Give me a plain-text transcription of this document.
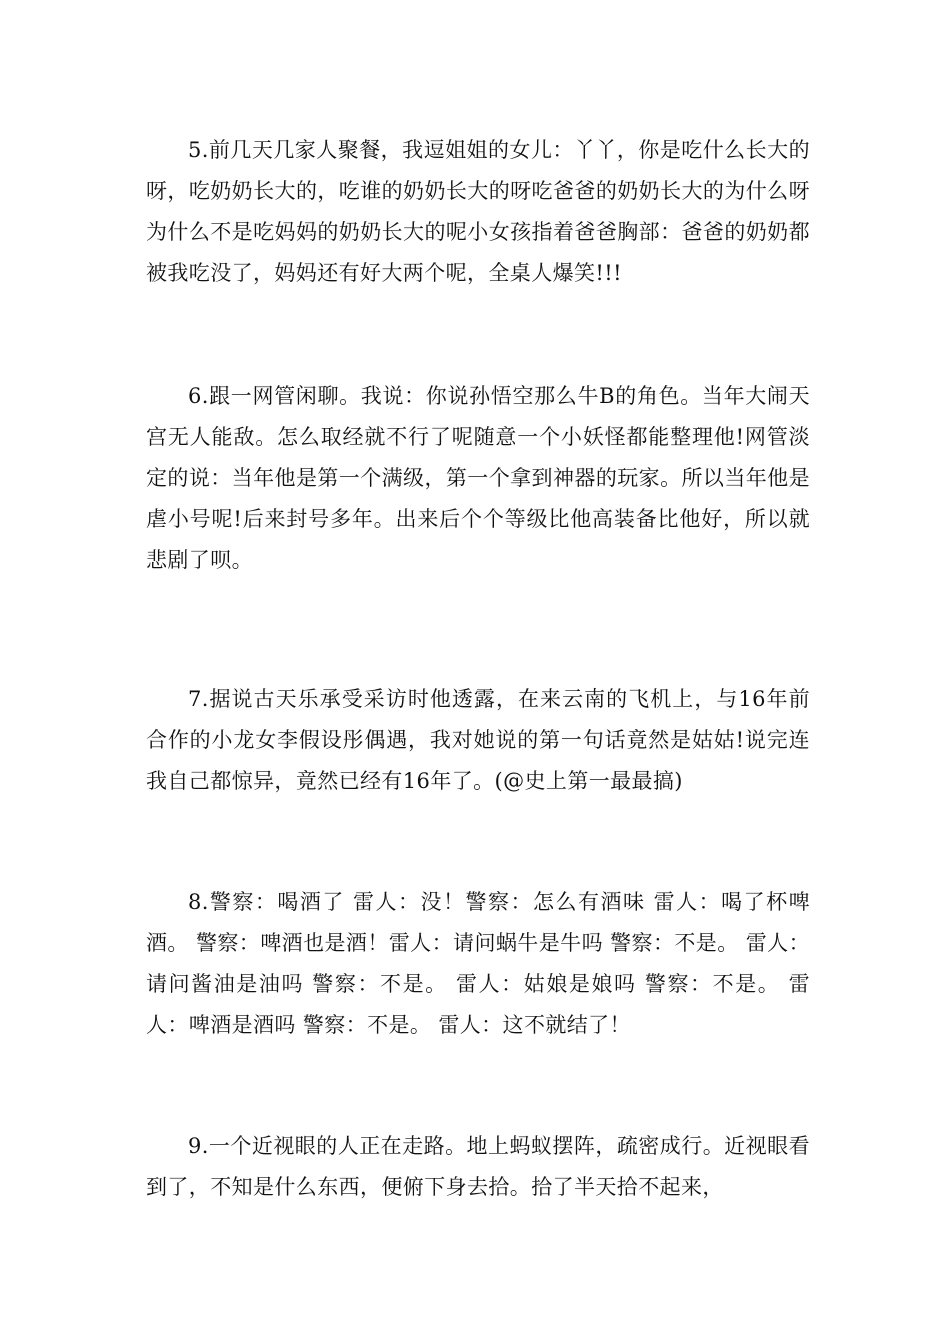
5.前几天几家人聚餐，我逗姐姐的女儿：丫丫，你是吃什么长大的呀，吃奶奶长大的，吃谁的奶奶长大的呀吃爸爸的奶奶长大的为什么呀为什么不是吃妈妈的奶奶长大的呢小女孩指着爸爸胸部：爸爸的奶奶都被我吃没了，妈妈还有好大两个呢，全桌人爆笑!!!

6.跟一网管闲聊。我说：你说孙悟空那么牛B的角色。当年大闹天宫无人能敌。怎么取经就不行了呢随意一个小妖怪都能整理他!网管淡定的说：当年他是第一个满级，第一个拿到神器的玩家。所以当年他是虐小号呢!后来封号多年。出来后个个等级比他高装备比他好，所以就悲剧了呗。

7.据说古天乐承受采访时他透露，在来云南的飞机上，与16年前合作的小龙女李假设彤偶遇，我对她说的第一句话竟然是姑姑!说完连我自己都惊异，竟然已经有16年了。(@史上第一最最搞)

8.警察：喝酒了 雷人：没！警察：怎么有酒味 雷人：喝了杯啤酒。 警察：啤酒也是酒！雷人：请问蜗牛是牛吗 警察：不是。 雷人：请问酱油是油吗 警察：不是。 雷人：姑娘是娘吗 警察：不是。 雷人：啤酒是酒吗 警察：不是。 雷人：这不就结了！

9.一个近视眼的人正在走路。地上蚂蚁摆阵，疏密成行。近视眼看到了，不知是什么东西，便俯下身去拾。拾了半天拾不起来，
